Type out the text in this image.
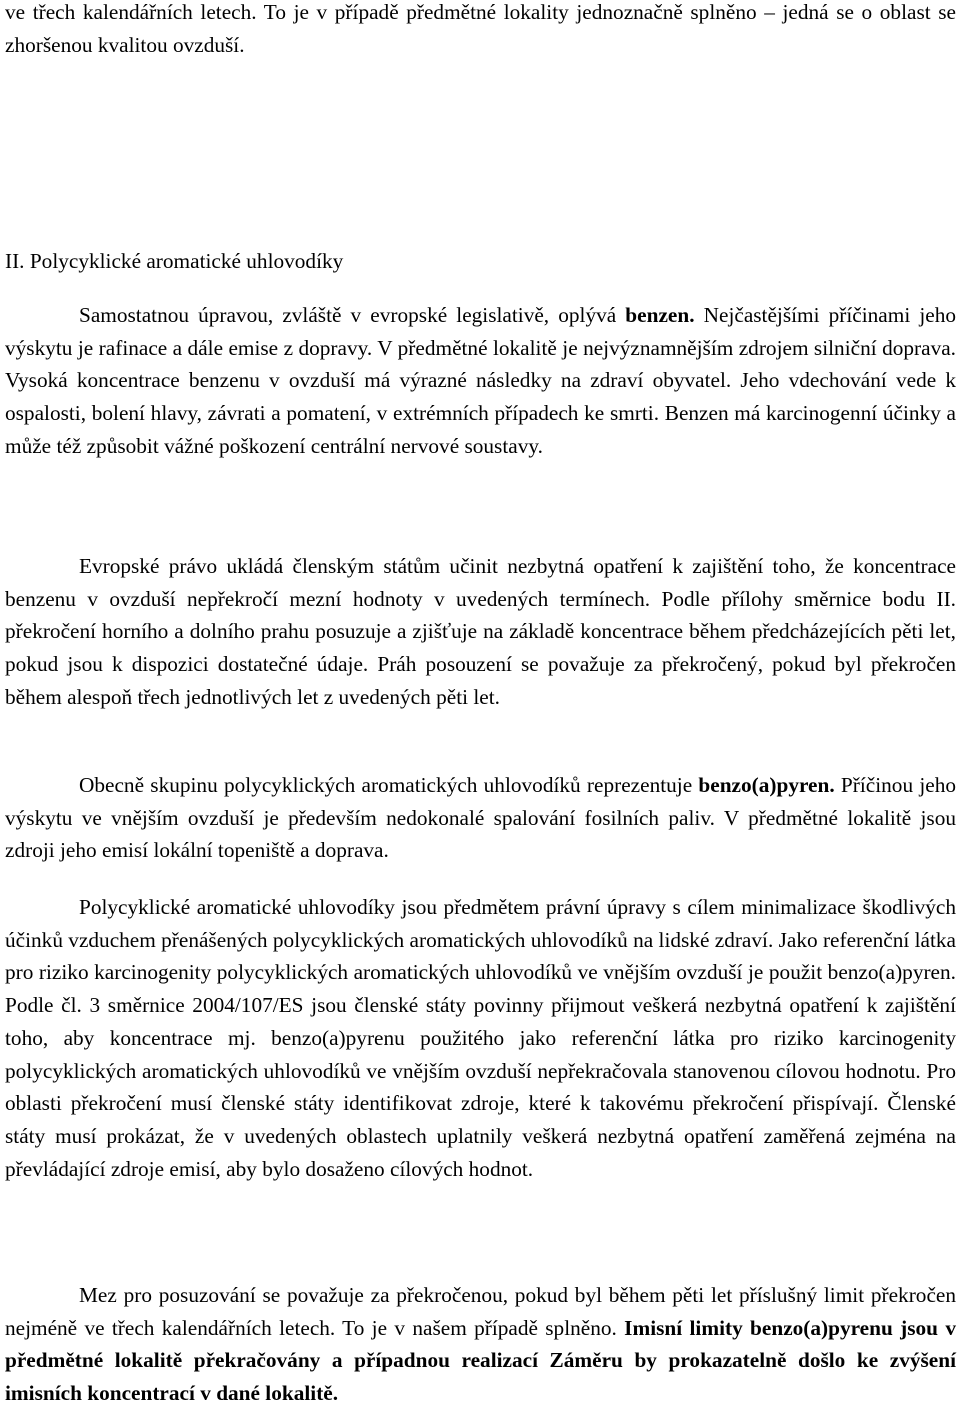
ve třech kalendářních letech. To je v případě předmětné lokality jednoznačně splněno – jedná se o oblast se zhoršenou kvalitou ovzduší.

II. Polycyklické aromatické uhlovodíky

Samostatnou úpravou, zvláště v evropské legislativě, oplývá benzen. Nejčastějšími příčinami jeho výskytu je rafinace a dále emise z dopravy. V předmětné lokalitě je nejvýznamnějším zdrojem silniční doprava. Vysoká koncentrace benzenu v ovzduší má výrazné následky na zdraví obyvatel. Jeho vdechování vede k ospalosti, bolení hlavy, závrati a pomatení, v extrémních případech ke smrti. Benzen má karcinogenní účinky a může též způsobit vážné poškození centrální nervové soustavy.

Evropské právo ukládá členským státům učinit nezbytná opatření k zajištění toho, že koncentrace benzenu v ovzduší nepřekročí mezní hodnoty v uvedených termínech. Podle přílohy směrnice bodu II. překročení horního a dolního prahu posuzuje a zjišťuje na základě koncentrace během předcházejících pěti let, pokud jsou k dispozici dostatečné údaje. Práh posouzení se považuje za překročený, pokud byl překročen během alespoň třech jednotlivých let z uvedených pěti let.

Obecně skupinu polycyklických aromatických uhlovodíků reprezentuje benzo(a)pyren. Příčinou jeho výskytu ve vnějším ovzduší je především nedokonalé spalování fosilních paliv. V předmětné lokalitě jsou zdroji jeho emisí lokální topeniště a doprava.

Polycyklické aromatické uhlovodíky jsou předmětem právní úpravy s cílem minimalizace škodlivých účinků vzduchem přenášených polycyklických aromatických uhlovodíků na lidské zdraví. Jako referenční látka pro riziko karcinogenity polycyklických aromatických uhlovodíků ve vnějším ovzduší je použit benzo(a)pyren. Podle čl. 3 směrnice 2004/107/ES jsou členské státy povinny přijmout veškerá nezbytná opatření k zajištění toho, aby koncentrace mj. benzo(a)pyrenu použitého jako referenční látka pro riziko karcinogenity polycyklických aromatických uhlovodíků ve vnějším ovzduší nepřekračovala stanovenou cílovou hodnotu. Pro oblasti překročení musí členské státy identifikovat zdroje, které k takovému překročení přispívají. Členské státy musí prokázat, že v uvedených oblastech uplatnily veškerá nezbytná opatření zaměřená zejména na převládající zdroje emisí, aby bylo dosaženo cílových hodnot.

Mez pro posuzování se považuje za překročenou, pokud byl během pěti let příslušný limit překročen nejméně ve třech kalendářních letech. To je v našem případě splněno. Imisní limity benzo(a)pyrenu jsou v předmětné lokalitě překračovány a případnou realizací Záměru by prokazatelně došlo ke zvýšení imisních koncentrací v dané lokalitě.
